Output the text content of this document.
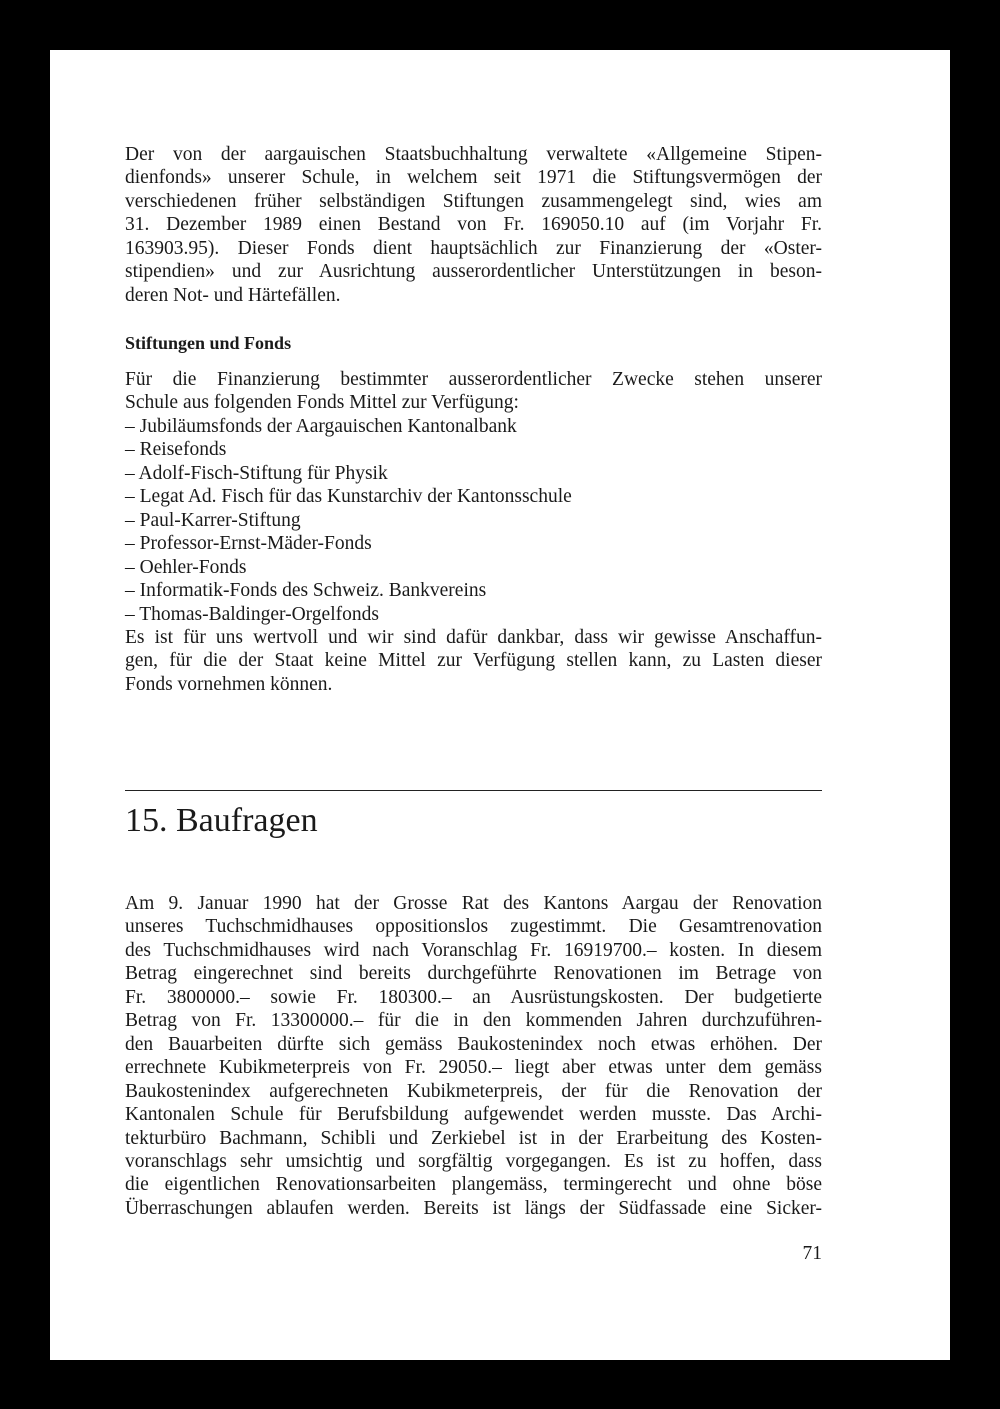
Der von der aargauischen Staatsbuchhaltung verwaltete «Allgemeine Stipen-
dienfonds» unserer Schule, in welchem seit 1971 die Stiftungsvermögen der
verschiedenen früher selbständigen Stiftungen zusammengelegt sind, wies am
31. Dezember 1989 einen Bestand von Fr. 169050.10 auf (im Vorjahr Fr.
163903.95). Dieser Fonds dient hauptsächlich zur Finanzierung der «Oster-
stipendien» und zur Ausrichtung ausserordentlicher Unterstützungen in beson-
deren Not- und Härtefällen.
Stiftungen und Fonds
Für die Finanzierung bestimmter ausserordentlicher Zwecke stehen unserer
Schule aus folgenden Fonds Mittel zur Verfügung:
– Jubiläumsfonds der Aargauischen Kantonalbank
– Reisefonds
– Adolf-Fisch-Stiftung für Physik
– Legat Ad. Fisch für das Kunstarchiv der Kantonsschule
– Paul-Karrer-Stiftung
– Professor-Ernst-Mäder-Fonds
– Oehler-Fonds
– Informatik-Fonds des Schweiz. Bankvereins
– Thomas-Baldinger-Orgelfonds
Es ist für uns wertvoll und wir sind dafür dankbar, dass wir gewisse Anschaffun-
gen, für die der Staat keine Mittel zur Verfügung stellen kann, zu Lasten dieser
Fonds vornehmen können.
15. Baufragen
Am 9. Januar 1990 hat der Grosse Rat des Kantons Aargau der Renovation
unseres Tuchschmidhauses oppositionslos zugestimmt. Die Gesamtrenovation
des Tuchschmidhauses wird nach Voranschlag Fr. 16919700.– kosten. In diesem
Betrag eingerechnet sind bereits durchgeführte Renovationen im Betrage von
Fr. 3800000.– sowie Fr. 180300.– an Ausrüstungskosten. Der budgetierte
Betrag von Fr. 13300000.– für die in den kommenden Jahren durchzuführen-
den Bauarbeiten dürfte sich gemäss Baukostenindex noch etwas erhöhen. Der
errechnete Kubikmeterpreis von Fr. 29050.– liegt aber etwas unter dem gemäss
Baukostenindex aufgerechneten Kubikmeterpreis, der für die Renovation der
Kantonalen Schule für Berufsbildung aufgewendet werden musste. Das Archi-
tekturbüro Bachmann, Schibli und Zerkiebel ist in der Erarbeitung des Kosten-
voranschlags sehr umsichtig und sorgfältig vorgegangen. Es ist zu hoffen, dass
die eigentlichen Renovationsarbeiten plangemäss, termingerecht und ohne böse
Überraschungen ablaufen werden. Bereits ist längs der Südfassade eine Sicker-
71
